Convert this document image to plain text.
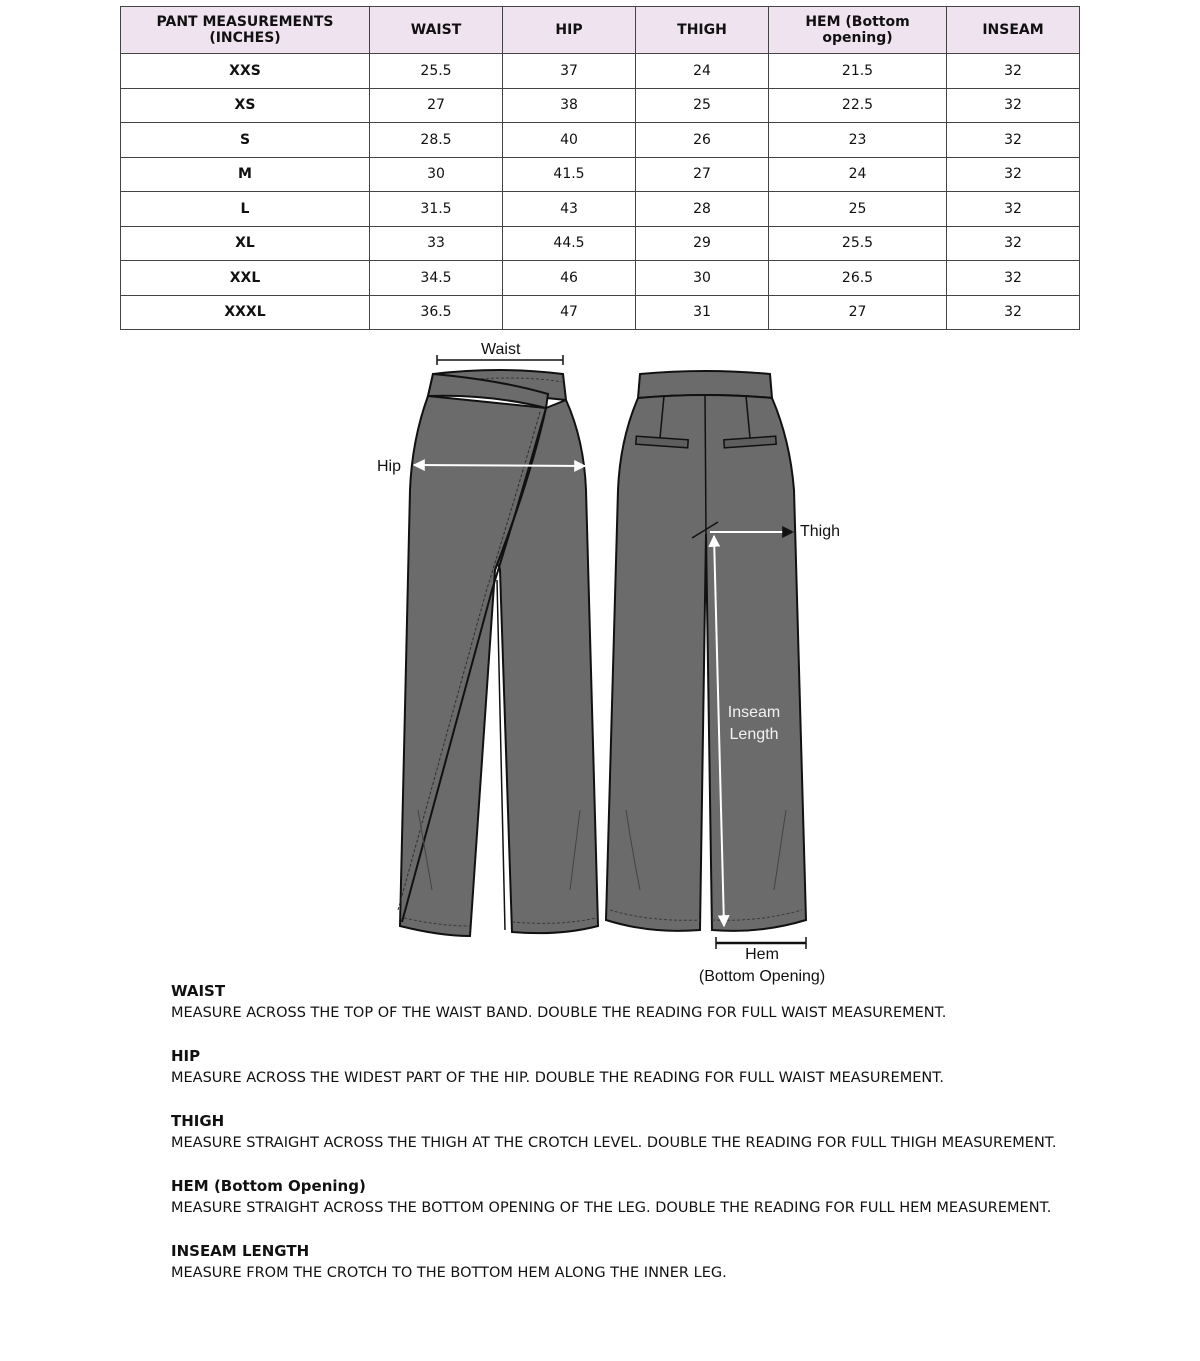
PANT MEASUREMENTS (INCHES)	WAIST	HIP	THIGH	HEM (Bottom opening)	INSEAM
XXS	25.5	37	24	21.5	32
XS	27	38	25	22.5	32
S	28.5	40	26	23	32
M	30	41.5	27	24	32
L	31.5	43	28	25	32
XL	33	44.5	29	25.5	32
XXL	34.5	46	30	26.5	32
XXXL	36.5	47	31	27	32
Waist
Hip
Thigh
Inseam
Length
Hem
(Bottom Opening)
WAIST
MEASURE ACROSS THE TOP OF THE WAIST BAND. DOUBLE THE READING FOR FULL WAIST MEASUREMENT.
HIP
MEASURE ACROSS THE WIDEST PART OF THE HIP. DOUBLE THE READING FOR FULL WAIST MEASUREMENT.
THIGH
MEASURE STRAIGHT ACROSS THE THIGH AT THE CROTCH LEVEL. DOUBLE THE READING FOR FULL THIGH MEASUREMENT.
HEM (Bottom Opening)
MEASURE STRAIGHT ACROSS THE BOTTOM OPENING OF THE LEG. DOUBLE THE READING FOR FULL HEM MEASUREMENT.
INSEAM LENGTH
MEASURE FROM THE CROTCH TO THE BOTTOM HEM ALONG THE INNER LEG.
